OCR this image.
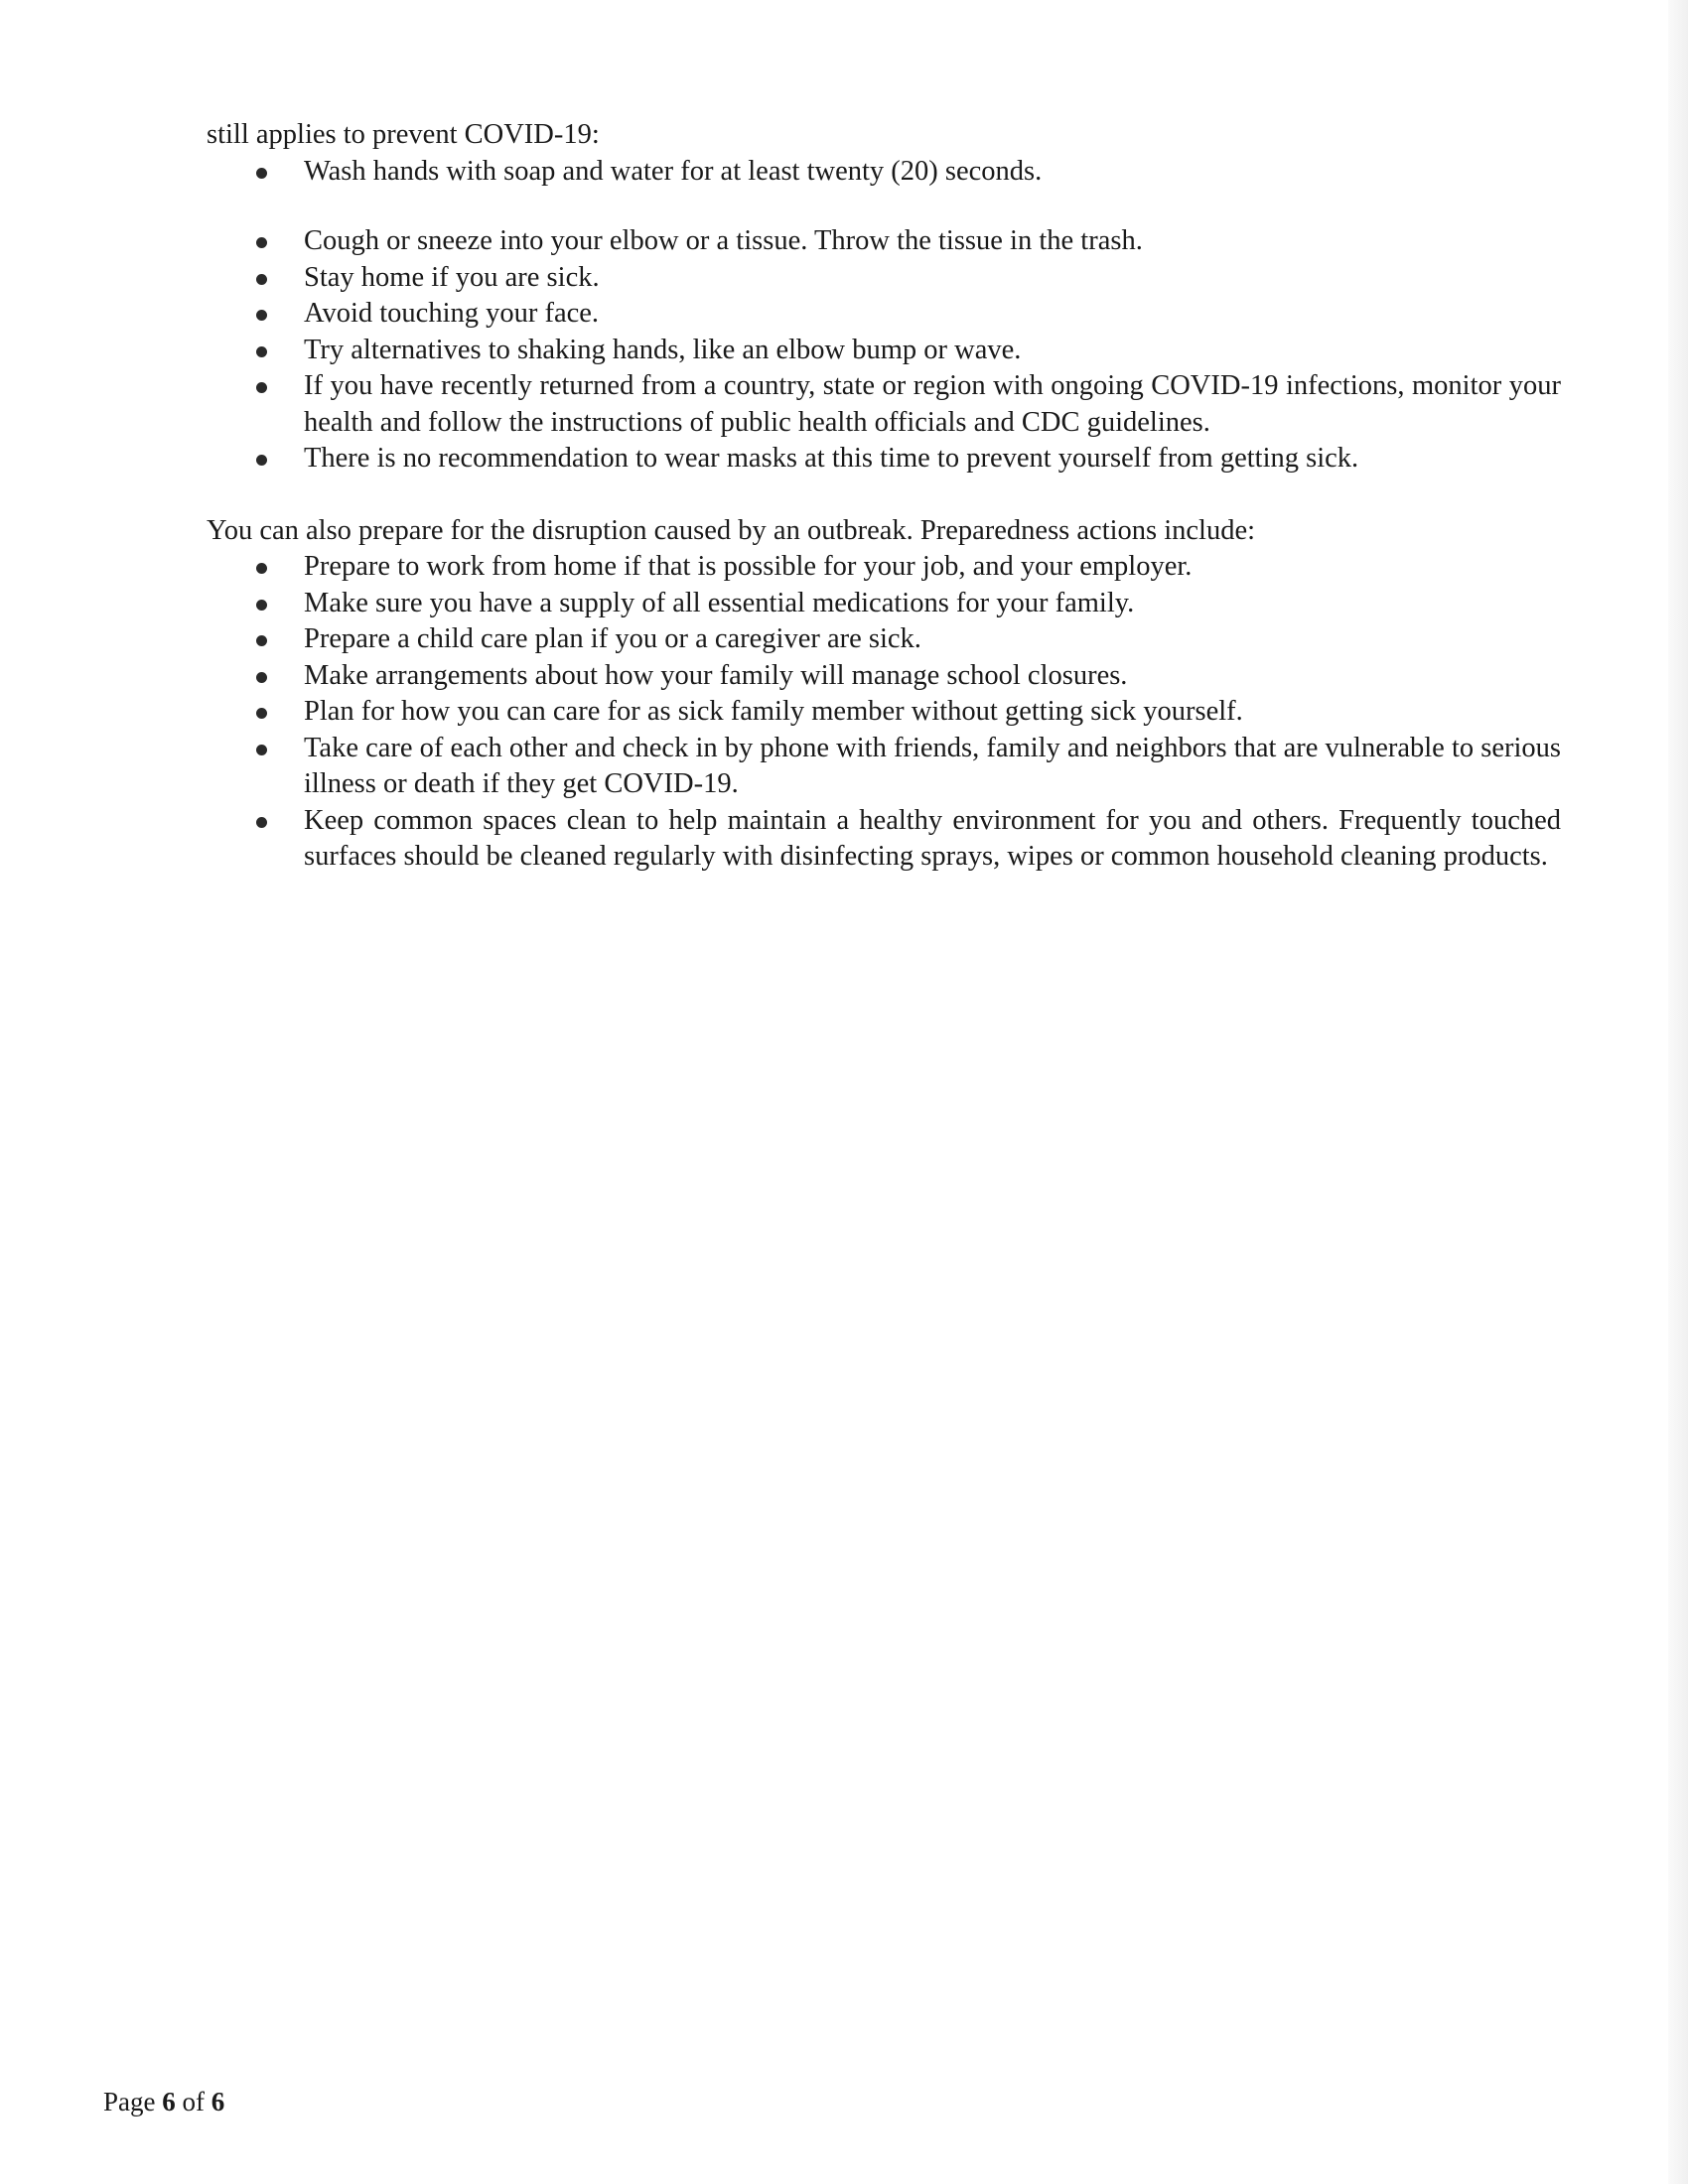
still applies to prevent COVID-19:

Wash hands with soap and water for at least twenty (20) seconds.
Cough or sneeze into your elbow or a tissue. Throw the tissue in the trash.
Stay home if you are sick.
Avoid touching your face.
Try alternatives to shaking hands, like an elbow bump or wave.
If you have recently returned from a country, state or region with ongoing COVID-19 infections, monitor your health and follow the instructions of public health officials and CDC guidelines.
There is no recommendation to wear masks at this time to prevent yourself from getting sick.

You can also prepare for the disruption caused by an outbreak. Preparedness actions include:

Prepare to work from home if that is possible for your job, and your employer.
Make sure you have a supply of all essential medications for your family.
Prepare a child care plan if you or a caregiver are sick.
Make arrangements about how your family will manage school closures.
Plan for how you can care for as sick family member without getting sick yourself.
Take care of each other and check in by phone with friends, family and neighbors that are vulnerable to serious illness or death if they get COVID-19.
Keep common spaces clean to help maintain a healthy environment for you and others. Frequently touched surfaces should be cleaned regularly with disinfecting sprays, wipes or common household cleaning products.
Page 6 of 6
